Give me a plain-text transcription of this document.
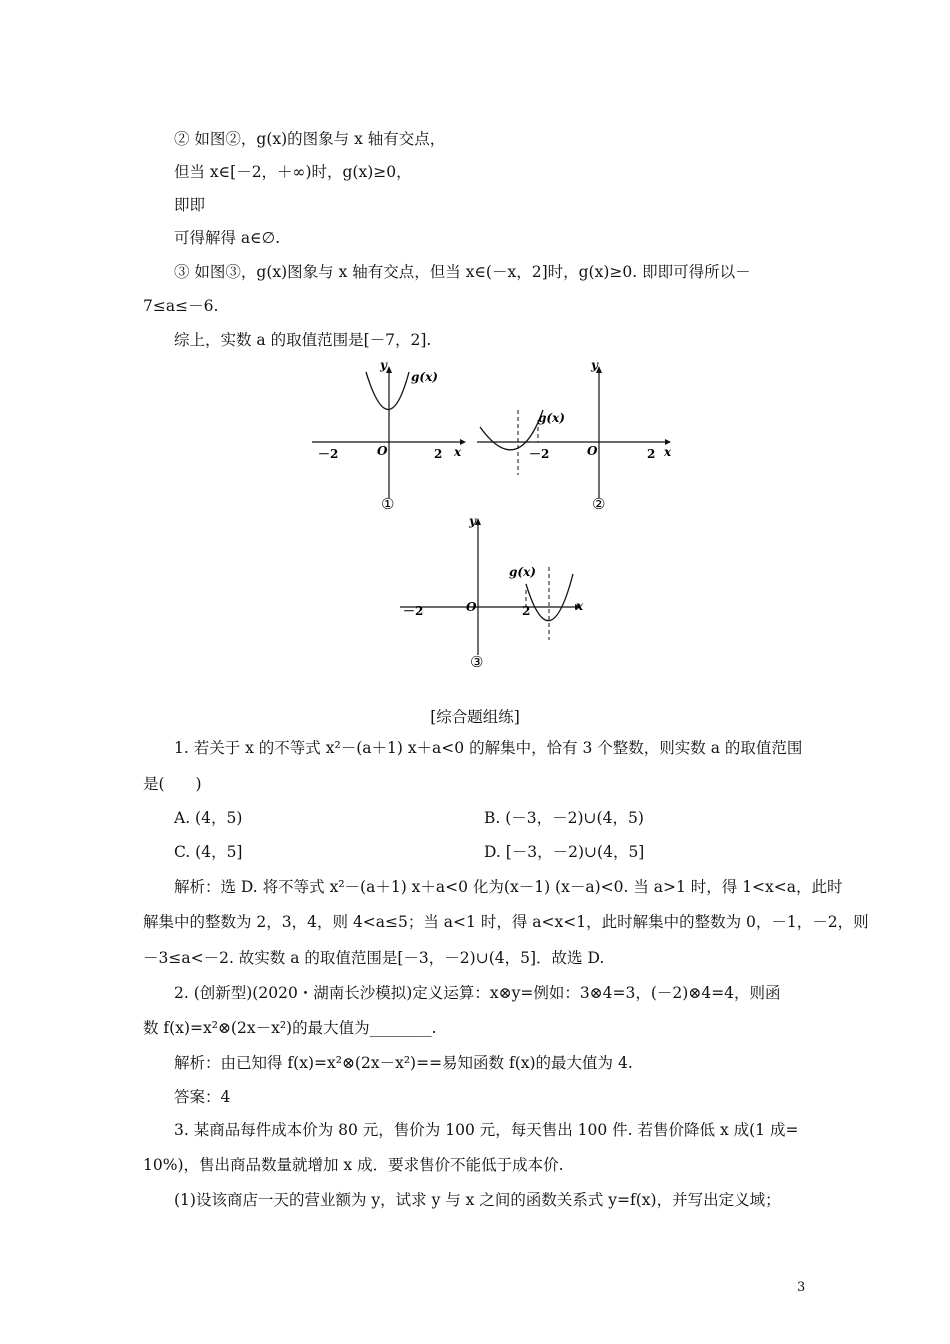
② 如图②，g(x)的图象与 x 轴有交点，
但当 x∈[－2，＋∞)时，g(x)≥0，
即即
可得解得 a∈∅.
③ 如图③，g(x)图象与 x 轴有交点，但当 x∈(－x，2]时，g(x)≥0. 即即可得所以－
7≤a≤－6.
综上，实数 a 的取值范围是[－7，2].
y
g(x)
O
－2	2 x
①
y
g(x)
O
－2	2 x
②
y
g(x)
O
－2	2	x
③
[综合题组练]
1. 若关于 x 的不等式 x²－(a＋1) x＋a<0 的解集中，恰有 3 个整数，则实数 a 的取值范围
是(　　)
A. (4，5)	B. (－3，－2)∪(4，5)
C. (4，5]	D. [－3，－2)∪(4，5]
解析：选 D. 将不等式 x²－(a＋1) x＋a<0 化为(x－1) (x－a)<0. 当 a>1 时，得 1<x<a，此时
解集中的整数为 2，3，4，则 4<a≤5；当 a<1 时，得 a<x<1，此时解集中的整数为 0，－1，－2，则
－3≤a<－2. 故实数 a 的取值范围是[－3，－2)∪(4，5]．故选 D.
2. (创新型)(2020・湖南长沙模拟)定义运算：x⊗y=例如：3⊗4=3，(－2)⊗4=4，则函
数 f(x)=x²⊗(2x－x²)的最大值为________.
解析：由已知得 f(x)=x²⊗(2x－x²)==易知函数 f(x)的最大值为 4.
答案：4
3. 某商品每件成本价为 80 元，售价为 100 元，每天售出 100 件. 若售价降低 x 成(1 成=
10%)，售出商品数量就增加 x 成．要求售价不能低于成本价.
(1)设该商店一天的营业额为 y，试求 y 与 x 之间的函数关系式 y=f(x)，并写出定义域；
3
